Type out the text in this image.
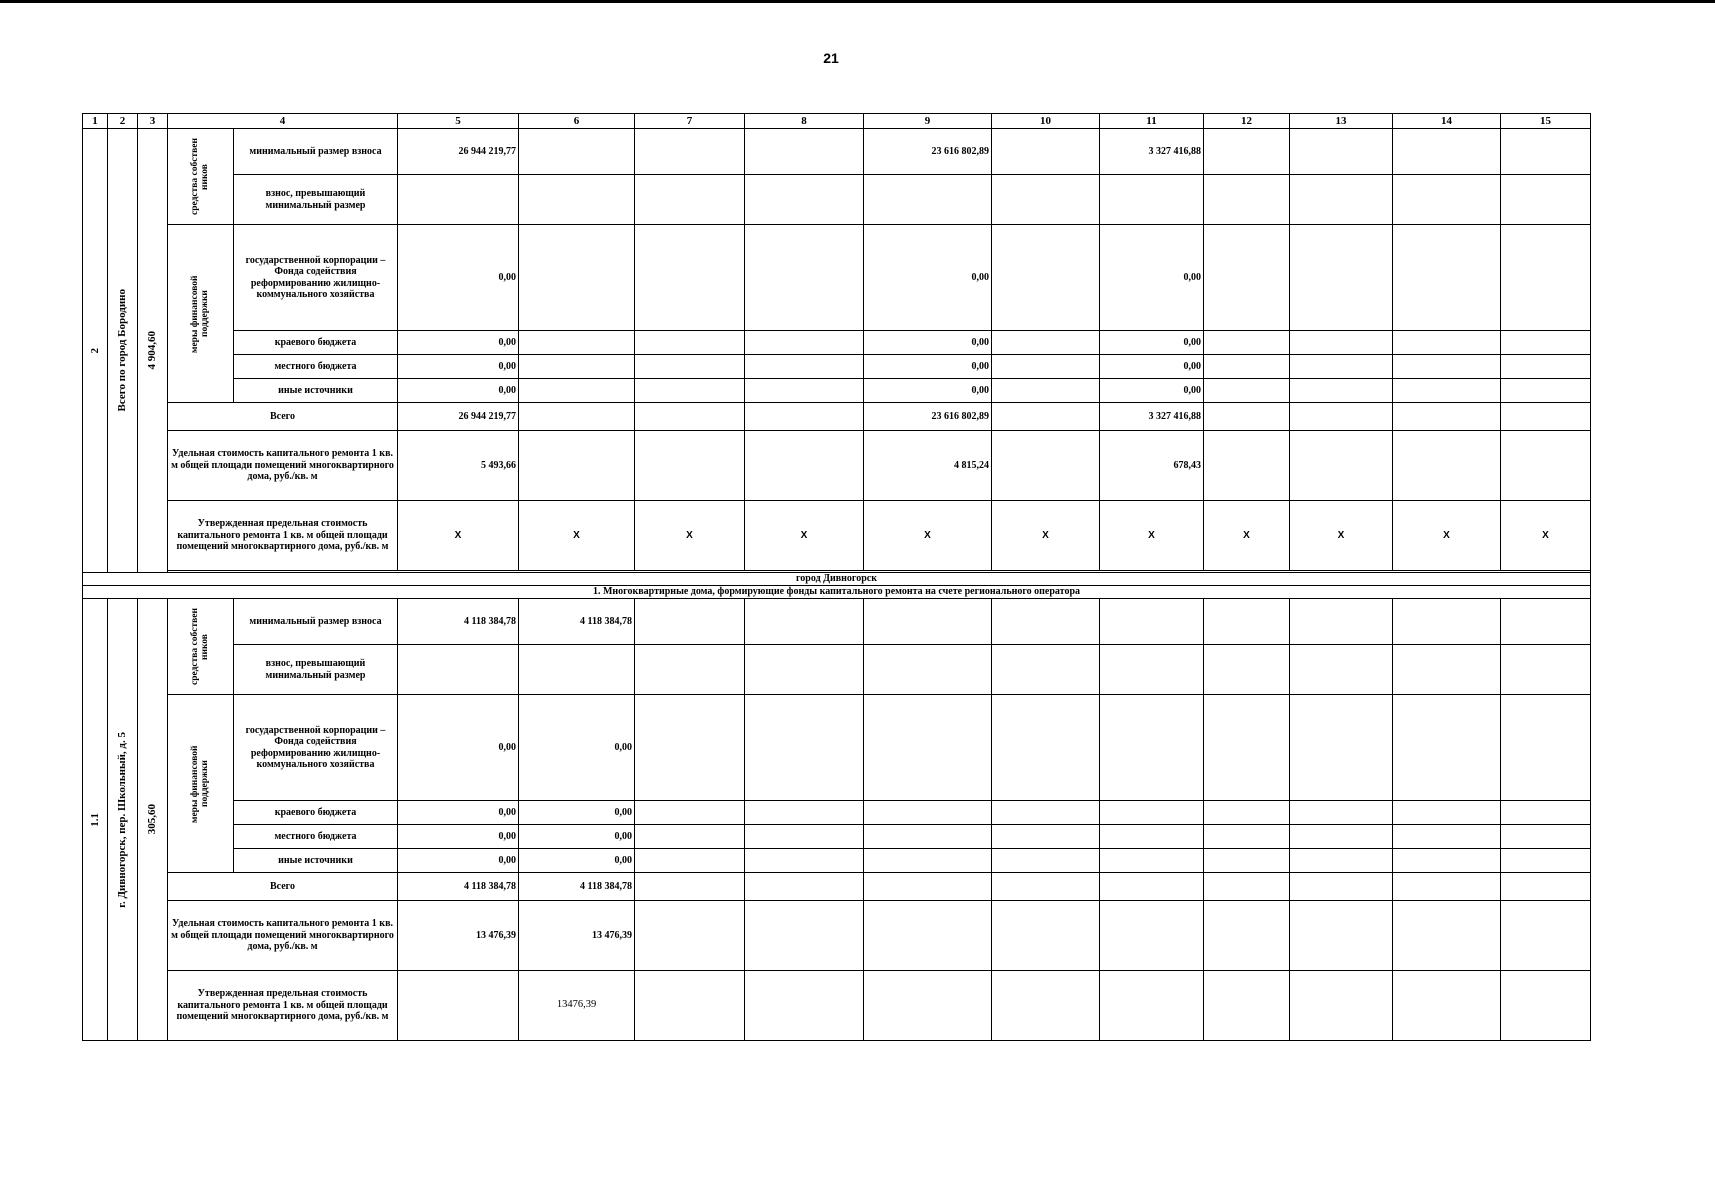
21
1	2	3	4		5	6	7	8	9	10	11	12	13	14	15

2	Всего по город Бородино	4 904,60	средства собствен ников	минимальный размер взноса	26 944 219,77				23 616 802,89		3 327 416,88				
				взнос, превышающий минимальный размер											

			меры финансовой поддержки	государственной корпорации – Фонда содействия реформированию жилищно-коммунального хозяйства	0,00				0,00		0,00				
				краевого бюджета	0,00				0,00		0,00				
				местного бюджета	0,00				0,00		0,00				
				иные источники	0,00				0,00		0,00				
			Всего		26 944 219,77				23 616 802,89		3 327 416,88				
			Удельная стоимость капитального ремонта 1 кв. м общей площади помещений многоквартирного дома, руб./кв. м		5 493,66				4 815,24		678,43				
			Утвержденная предельная стоимость капитального ремонта 1 кв. м общей площади помещений многоквартирного дома, руб./кв. м		X	X	X	X	X	X	X	X	X	X	X

город Дивногорск															
1. Многоквартирные дома, формирующие фонды капитального ремонта на счете регионального оператора															

1.1	г. Дивногорск, пер. Школьный, д. 5	305,60	средства собствен ников	минимальный размер взноса	4 118 384,78	4 118 384,78									
				взнос, превышающий минимальный размер											

			меры финансовой поддержки	государственной корпорации – Фонда содействия реформированию жилищно-коммунального хозяйства	0,00	0,00									
				краевого бюджета	0,00	0,00									
				местного бюджета	0,00	0,00									
				иные источники	0,00	0,00									
			Всего		4 118 384,78	4 118 384,78									
			Удельная стоимость капитального ремонта 1 кв. м общей площади помещений многоквартирного дома, руб./кв. м		13 476,39	13 476,39									
			Утвержденная предельная стоимость капитального ремонта 1 кв. м общей площади помещений многоквартирного дома, руб./кв. м			13476,39									
